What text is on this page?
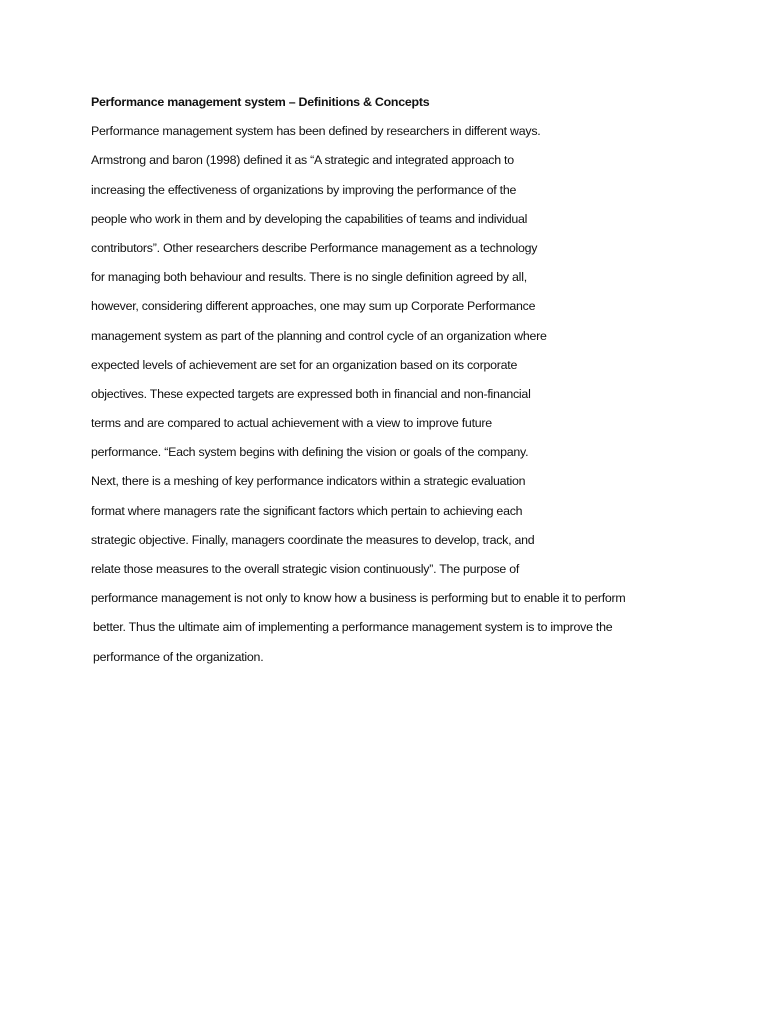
Performance management system – Definitions & Concepts
Performance management system has been defined by researchers in different ways.
Armstrong and baron (1998) defined it as “A strategic and integrated approach to
increasing the effectiveness of organizations by improving the performance of the
people who work in them and by developing the capabilities of teams and individual
contributors”. Other researchers describe Performance management as a technology
for managing both behaviour and results. There is no single definition agreed by all,
however, considering different approaches, one may sum up Corporate Performance
management system as part of the planning and control cycle of an organization where
expected levels of achievement are set for an organization based on its corporate
objectives. These expected targets are expressed both in financial and non-financial
terms and are compared to actual achievement with a view to improve future
performance. “Each system begins with defining the vision or goals of the company.
Next, there is a meshing of key performance indicators within a strategic evaluation
format where managers rate the significant factors which pertain to achieving each
strategic objective. Finally, managers coordinate the measures to develop, track, and
relate those measures to the overall strategic vision continuously”. The purpose of
performance management is not only to know how a business is performing but to enable it to perform
better. Thus the ultimate aim of implementing a performance management system is to improve the
performance of the organization.
